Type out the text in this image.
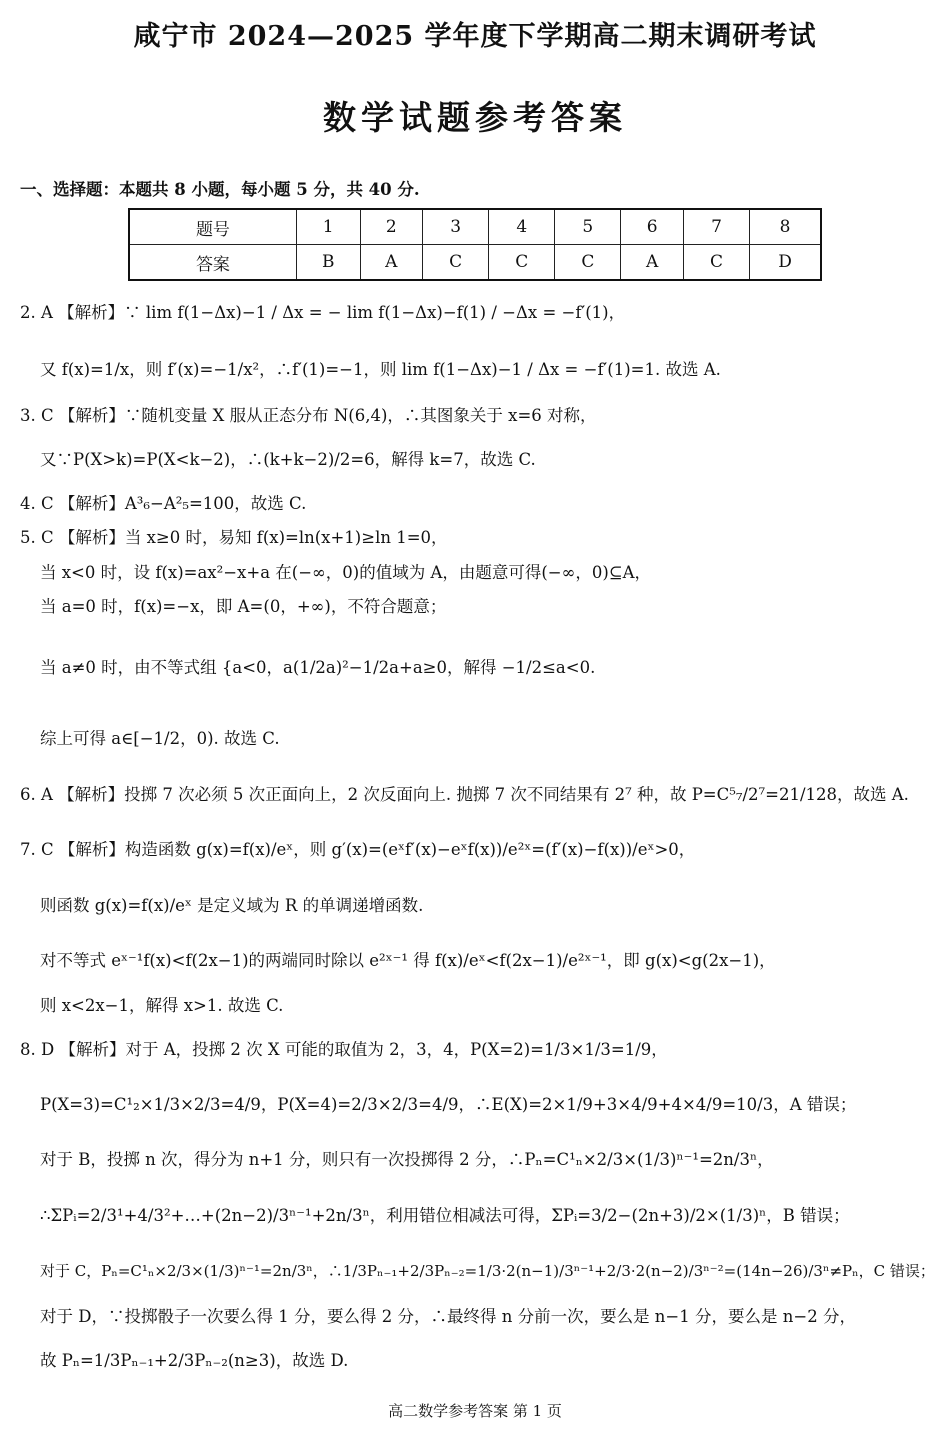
咸宁市 2024—2025 学年度下学期高二期末调研考试
数学试题参考答案
一、选择题：本题共 8 小题，每小题 5 分，共 40 分.
题号	1	2	3	4	5	6	7	8
答案	B	A	C	C	C	A	C	D
2. A 【解析】∵ lim f(1−Δx)−1 / Δx = − lim f(1−Δx)−f(1) / −Δx = −f′(1)，
又 f(x)=1/x，则 f′(x)=−1/x²，∴f′(1)=−1，则 lim f(1−Δx)−1 / Δx = −f′(1)=1. 故选 A.
3. C 【解析】∵随机变量 X 服从正态分布 N(6,4)，∴其图象关于 x=6 对称，
又∵P(X>k)=P(X<k−2)，∴(k+k−2)/2=6，解得 k=7，故选 C.
4. C 【解析】A³₆−A²₅=100，故选 C.
5. C 【解析】当 x≥0 时，易知 f(x)=ln(x+1)≥ln 1=0，
当 x<0 时，设 f(x)=ax²−x+a 在(−∞，0)的值域为 A，由题意可得(−∞，0)⊆A，
当 a=0 时，f(x)=−x，即 A=(0，+∞)，不符合题意；
当 a≠0 时，由不等式组 {a<0，a(1/2a)²−1/2a+a≥0，解得 −1/2≤a<0.
综上可得 a∈[−1/2，0). 故选 C.
6. A 【解析】投掷 7 次必须 5 次正面向上，2 次反面向上. 抛掷 7 次不同结果有 2⁷ 种，故 P=C⁵₇/2⁷=21/128，故选 A.
7. C 【解析】构造函数 g(x)=f(x)/eˣ，则 g′(x)=(eˣf′(x)−eˣf(x))/e²ˣ=(f′(x)−f(x))/eˣ>0，
则函数 g(x)=f(x)/eˣ 是定义域为 R 的单调递增函数.
对不等式 eˣ⁻¹f(x)<f(2x−1)的两端同时除以 e²ˣ⁻¹ 得 f(x)/eˣ<f(2x−1)/e²ˣ⁻¹，即 g(x)<g(2x−1)，
则 x<2x−1，解得 x>1. 故选 C.
8. D 【解析】对于 A，投掷 2 次 X 可能的取值为 2，3，4，P(X=2)=1/3×1/3=1/9，
P(X=3)=C¹₂×1/3×2/3=4/9，P(X=4)=2/3×2/3=4/9，∴E(X)=2×1/9+3×4/9+4×4/9=10/3，A 错误；
对于 B，投掷 n 次，得分为 n+1 分，则只有一次投掷得 2 分，∴Pₙ=C¹ₙ×2/3×(1/3)ⁿ⁻¹=2n/3ⁿ，
∴ΣPᵢ=2/3¹+4/3²+…+(2n−2)/3ⁿ⁻¹+2n/3ⁿ，利用错位相减法可得，ΣPᵢ=3/2−(2n+3)/2×(1/3)ⁿ，B 错误；
对于 C，Pₙ=C¹ₙ×2/3×(1/3)ⁿ⁻¹=2n/3ⁿ，∴1/3Pₙ₋₁+2/3Pₙ₋₂=1/3·2(n−1)/3ⁿ⁻¹+2/3·2(n−2)/3ⁿ⁻²=(14n−26)/3ⁿ≠Pₙ，C 错误；
对于 D，∵投掷骰子一次要么得 1 分，要么得 2 分，∴最终得 n 分前一次，要么是 n−1 分，要么是 n−2 分，
故 Pₙ=1/3Pₙ₋₁+2/3Pₙ₋₂(n≥3)，故选 D.
高二数学参考答案 第 1 页
